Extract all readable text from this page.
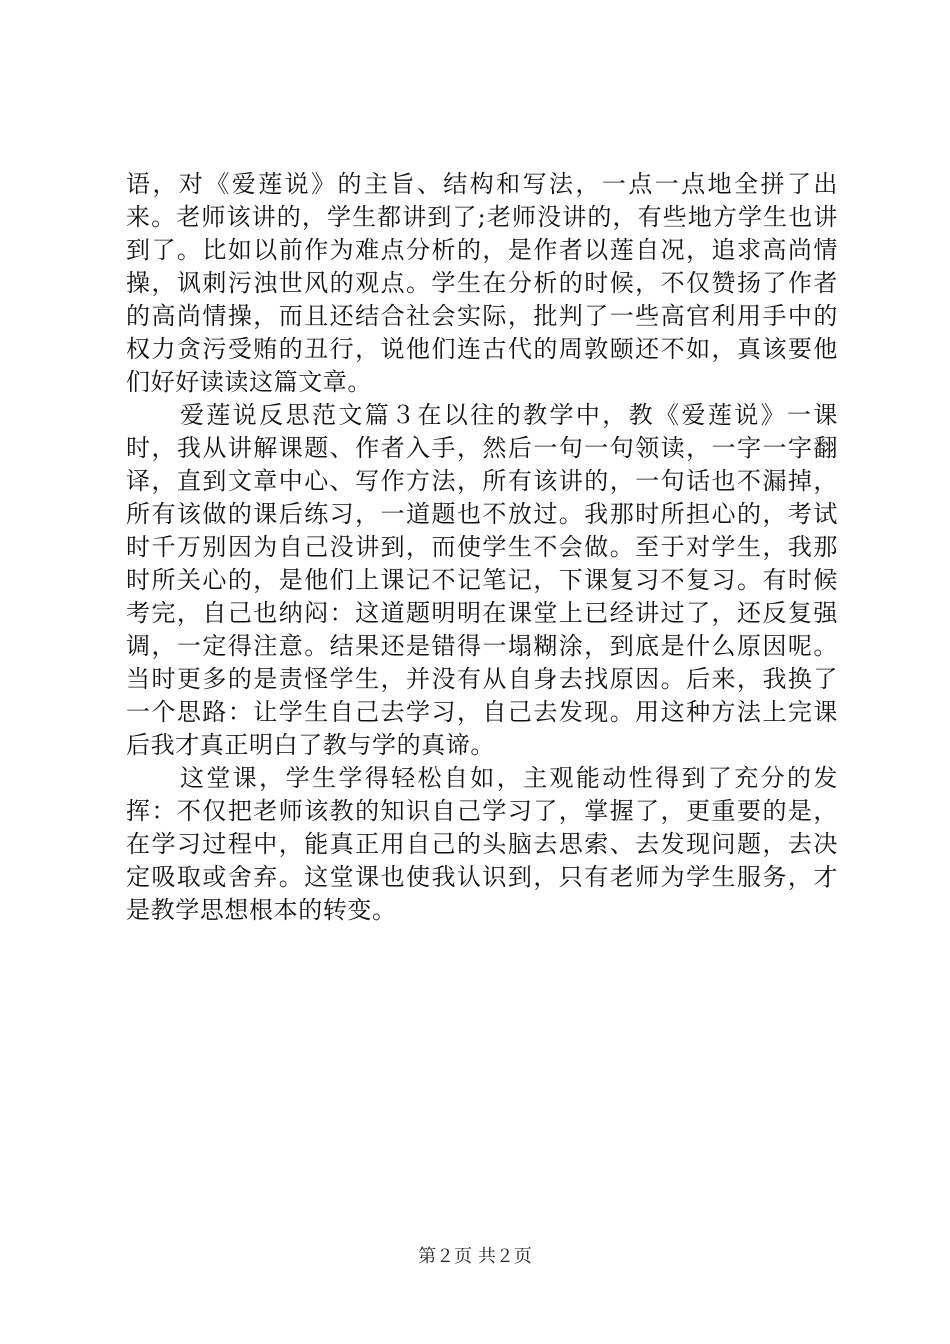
语，对《爱莲说》的主旨、结构和写法，一点一点地全拼了出来。老师该讲的，学生都讲到了;老师没讲的，有些地方学生也讲到了。比如以前作为难点分析的，是作者以莲自况，追求高尚情操，讽刺污浊世风的观点。学生在分析的时候，不仅赞扬了作者的高尚情操，而且还结合社会实际，批判了一些高官利用手中的权力贪污受贿的丑行，说他们连古代的周敦颐还不如，真该要他们好好读读这篇文章。

爱莲说反思范文篇３在以往的教学中，教《爱莲说》一课时，我从讲解课题、作者入手，然后一句一句领读，一字一字翻译，直到文章中心、写作方法，所有该讲的，一句话也不漏掉，所有该做的课后练习，一道题也不放过。我那时所担心的，考试时千万别因为自己没讲到，而使学生不会做。至于对学生，我那时所关心的，是他们上课记不记笔记，下课复习不复习。有时候考完，自己也纳闷：这道题明明在课堂上已经讲过了，还反复强调，一定得注意。结果还是错得一塌糊涂，到底是什么原因呢。当时更多的是责怪学生，并没有从自身去找原因。后来，我换了一个思路：让学生自己去学习，自己去发现。用这种方法上完课后我才真正明白了教与学的真谛。

这堂课，学生学得轻松自如，主观能动性得到了充分的发挥：不仅把老师该教的知识自己学习了，掌握了，更重要的是，在学习过程中，能真正用自己的头脑去思索、去发现问题，去决定吸取或舍弃。这堂课也使我认识到，只有老师为学生服务，才是教学思想根本的转变。

第２页 共２页
